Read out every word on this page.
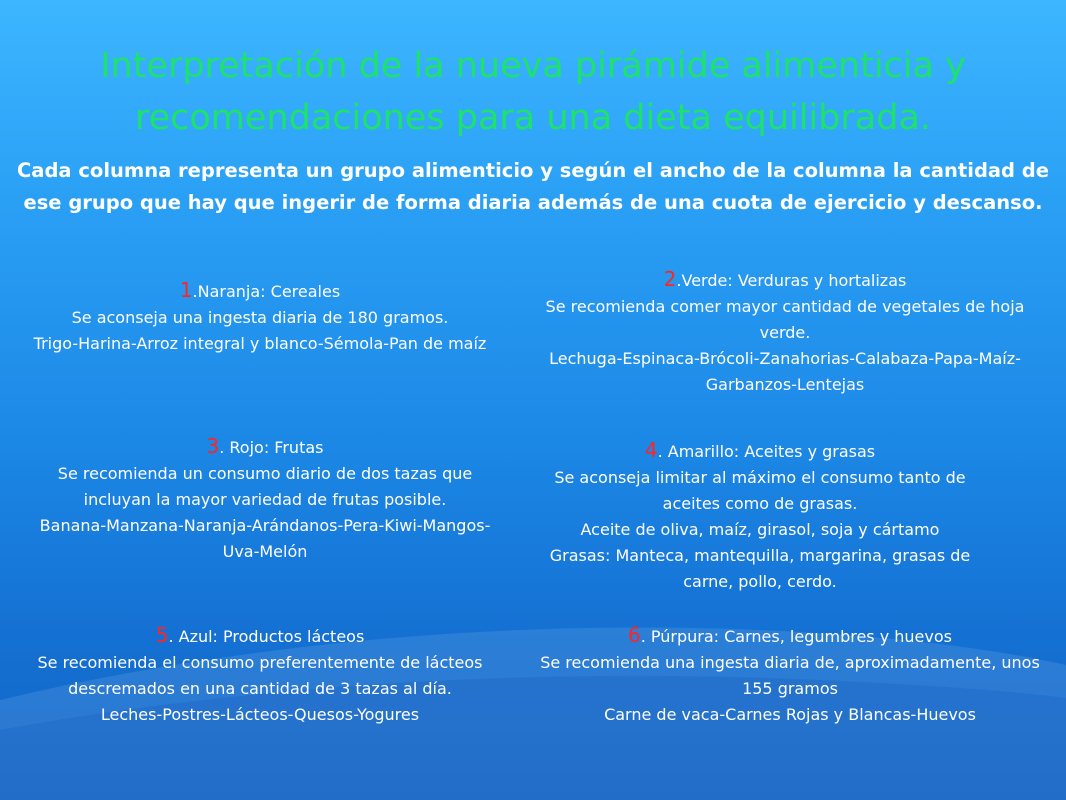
Interpretación de la nueva pirámide alimenticia y recomendaciones para una dieta equilibrada.
Cada columna representa un grupo alimenticio y según el ancho de la columna la cantidad de ese grupo que hay que ingerir de forma diaria además de una cuota de ejercicio y descanso.
1.Naranja: Cereales
Se aconseja una ingesta diaria de 180 gramos.
Trigo-Harina-Arroz integral y blanco-Sémola-Pan de maíz
2.Verde: Verduras y hortalizas
Se recomienda comer mayor cantidad de vegetales de hoja verde.
Lechuga-Espinaca-Brócoli-Zanahorias-Calabaza-Papa-Maíz-Garbanzos-Lentejas
3. Rojo: Frutas
Se recomienda un consumo diario de dos tazas que incluyan la mayor variedad de frutas posible.
Banana-Manzana-Naranja-Arándanos-Pera-Kiwi-Mangos-Uva-Melón
4. Amarillo: Aceites y grasas
Se aconseja limitar al máximo el consumo tanto de aceites como de grasas.
Aceite de oliva, maíz, girasol, soja y cártamo
Grasas: Manteca, mantequilla, margarina, grasas de carne, pollo, cerdo.
5. Azul: Productos lácteos
Se recomienda el consumo preferentemente de lácteos descremados en una cantidad de 3 tazas al día.
Leches-Postres-Lácteos-Quesos-Yogures
6. Púrpura: Carnes, legumbres y huevos
Se recomienda una ingesta diaria de, aproximadamente, unos 155 gramos
Carne de vaca-Carnes Rojas y Blancas-Huevos
